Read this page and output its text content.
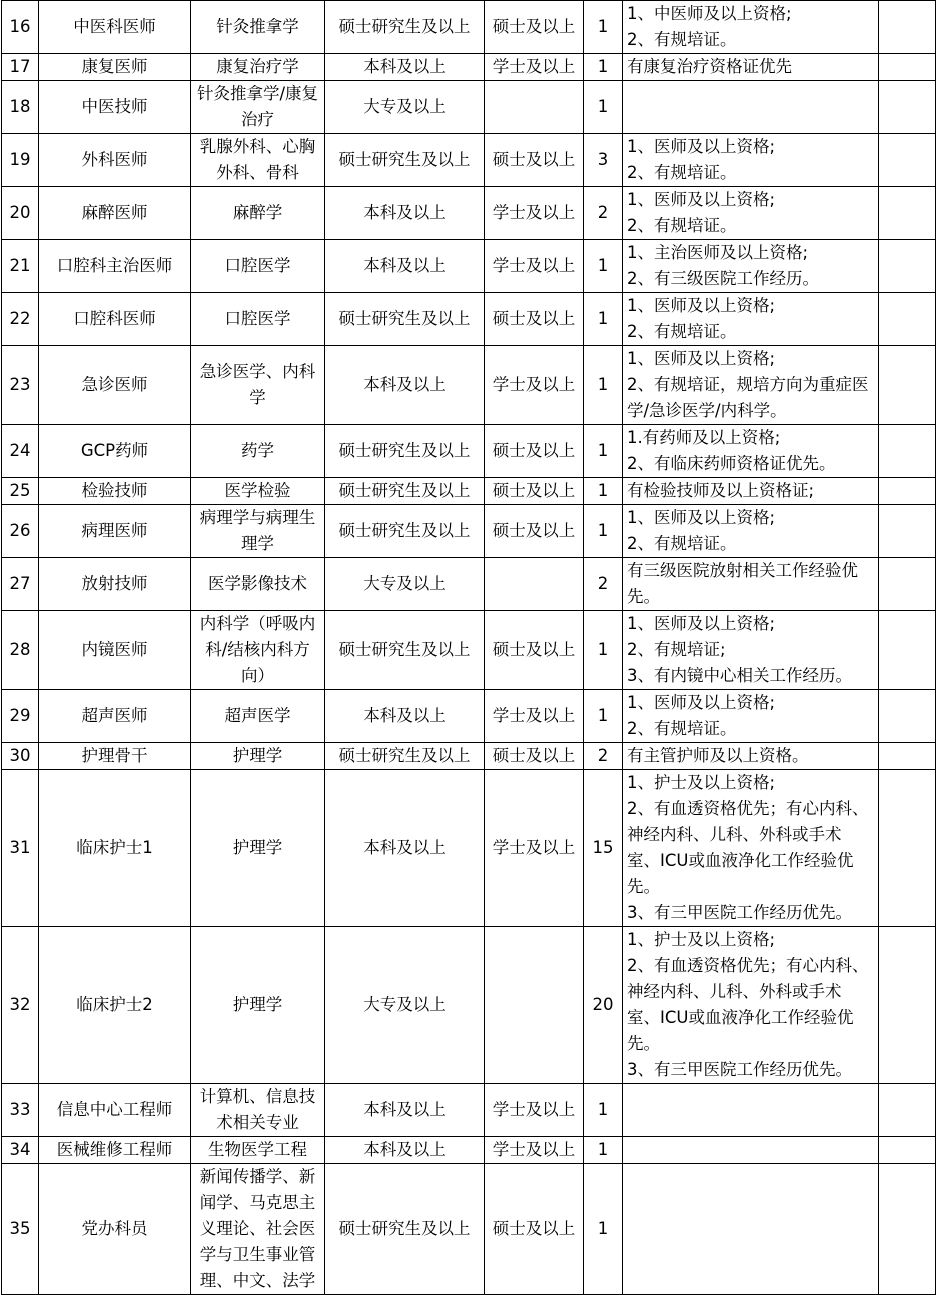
16	中医科医师	针灸推拿学	硕士研究生及以上	硕士及以上	1	1、中医师及以上资格;
2、有规培证。	
17	康复医师	康复治疗学	本科及以上	学士及以上	1	有康复治疗资格证优先	
18	中医技师	针灸推拿学/康复治疗	大专及以上		1		
19	外科医师	乳腺外科、心胸外科、骨科	硕士研究生及以上	硕士及以上	3	1、医师及以上资格;
2、有规培证。	
20	麻醉医师	麻醉学	本科及以上	学士及以上	2	1、医师及以上资格;
2、有规培证。	
21	口腔科主治医师	口腔医学	本科及以上	学士及以上	1	1、主治医师及以上资格;
2、有三级医院工作经历。	
22	口腔科医师	口腔医学	硕士研究生及以上	硕士及以上	1	1、医师及以上资格;
2、有规培证。	
23	急诊医师	急诊医学、内科学	本科及以上	学士及以上	1	1、医师及以上资格;
2、有规培证，规培方向为重症医学/急诊医学/内科学。	
24	GCP药师	药学	硕士研究生及以上	硕士及以上	1	1.有药师及以上资格;
2、有临床药师资格证优先。	
25	检验技师	医学检验	硕士研究生及以上	硕士及以上	1	有检验技师及以上资格证;	
26	病理医师	病理学与病理生理学	硕士研究生及以上	硕士及以上	1	1、医师及以上资格;
2、有规培证。	
27	放射技师	医学影像技术	大专及以上		2	有三级医院放射相关工作经验优先。	
28	内镜医师	内科学（呼吸内科/结核内科方向）	硕士研究生及以上	硕士及以上	1	1、医师及以上资格;
2、有规培证;
3、有内镜中心相关工作经历。	
29	超声医师	超声医学	本科及以上	学士及以上	1	1、医师及以上资格;
2、有规培证。	
30	护理骨干	护理学	硕士研究生及以上	硕士及以上	2	有主管护师及以上资格。	
31	临床护士1	护理学	本科及以上	学士及以上	15	1、护士及以上资格;
2、有血透资格优先；有心内科、神经内科、儿科、外科或手术室、ICU或血液净化工作经验优先。
3、有三甲医院工作经历优先。	
32	临床护士2	护理学	大专及以上		20	1、护士及以上资格;
2、有血透资格优先；有心内科、神经内科、儿科、外科或手术室、ICU或血液净化工作经验优先。
3、有三甲医院工作经历优先。	
33	信息中心工程师	计算机、信息技术相关专业	本科及以上	学士及以上	1		
34	医械维修工程师	生物医学工程	本科及以上	学士及以上	1		
35	党办科员	新闻传播学、新闻学、马克思主义理论、社会医学与卫生事业管理、中文、法学	硕士研究生及以上	硕士及以上	1		
